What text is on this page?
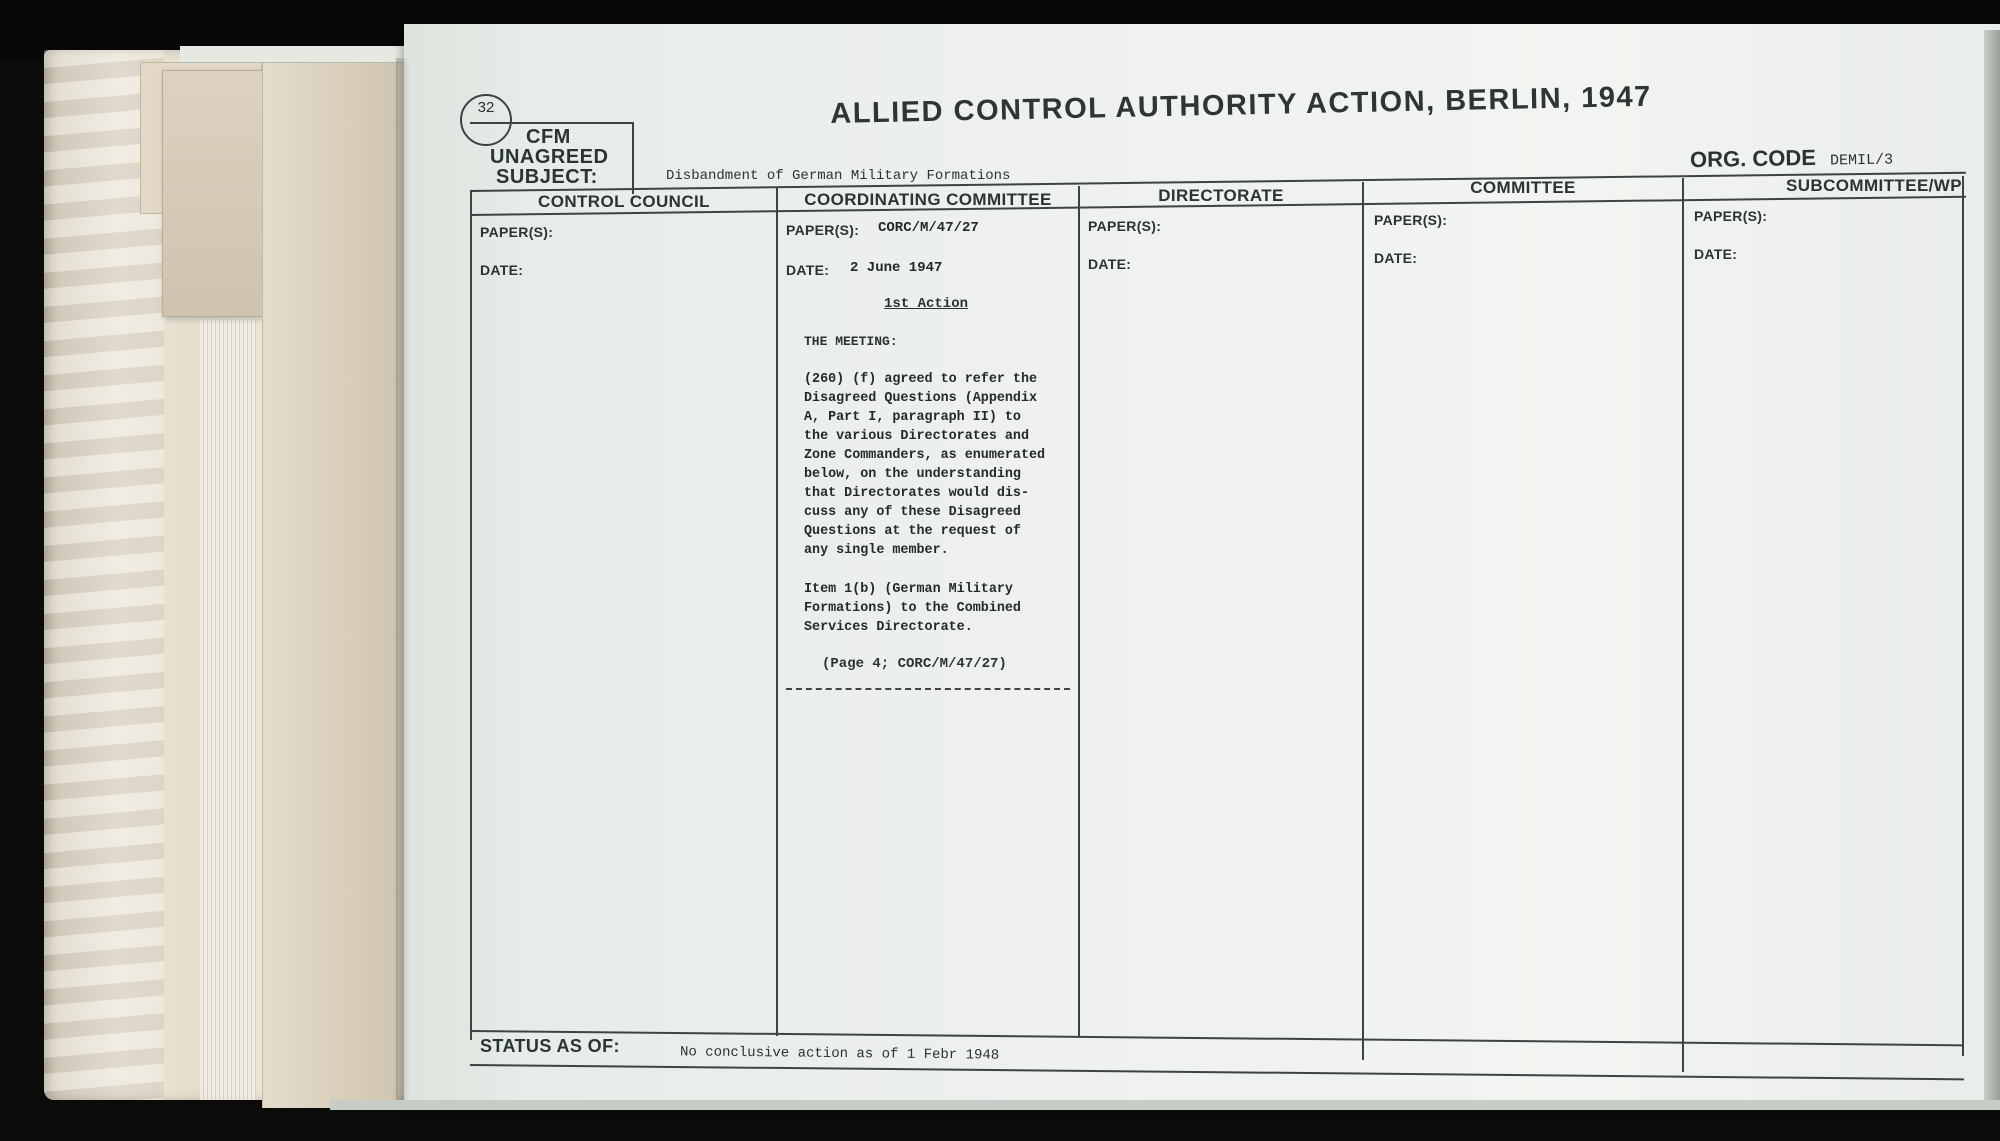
32
CFM
UNAGREED
SUBJECT:	Disbandment of German Military Formations
ALLIED CONTROL AUTHORITY ACTION, BERLIN, 1947
ORG. CODE DEMIL/3
CONTROL COUNCIL	COORDINATING COMMITTEE	DIRECTORATE	COMMITTEE	SUBCOMMITTEE/WP
PAPER(S):
DATE:
PAPER(S): CORC/M/47/27
DATE: 2 June 1947
PAPER(S):
DATE:
PAPER(S):
DATE:
PAPER(S):
DATE:
1st Action
THE MEETING:
(260) (f) agreed to refer the
Disagreed Questions (Appendix
A, Part I, paragraph II) to
the various Directorates and
Zone Commanders, as enumerated
below, on the understanding
that Directorates would dis-
cuss any of these Disagreed
Questions at the request of
any single member.
Item 1(b) (German Military
Formations) to the Combined
Services Directorate.
(Page 4; CORC/M/47/27)
STATUS AS OF:	No conclusive action as of 1 Febr 1948
